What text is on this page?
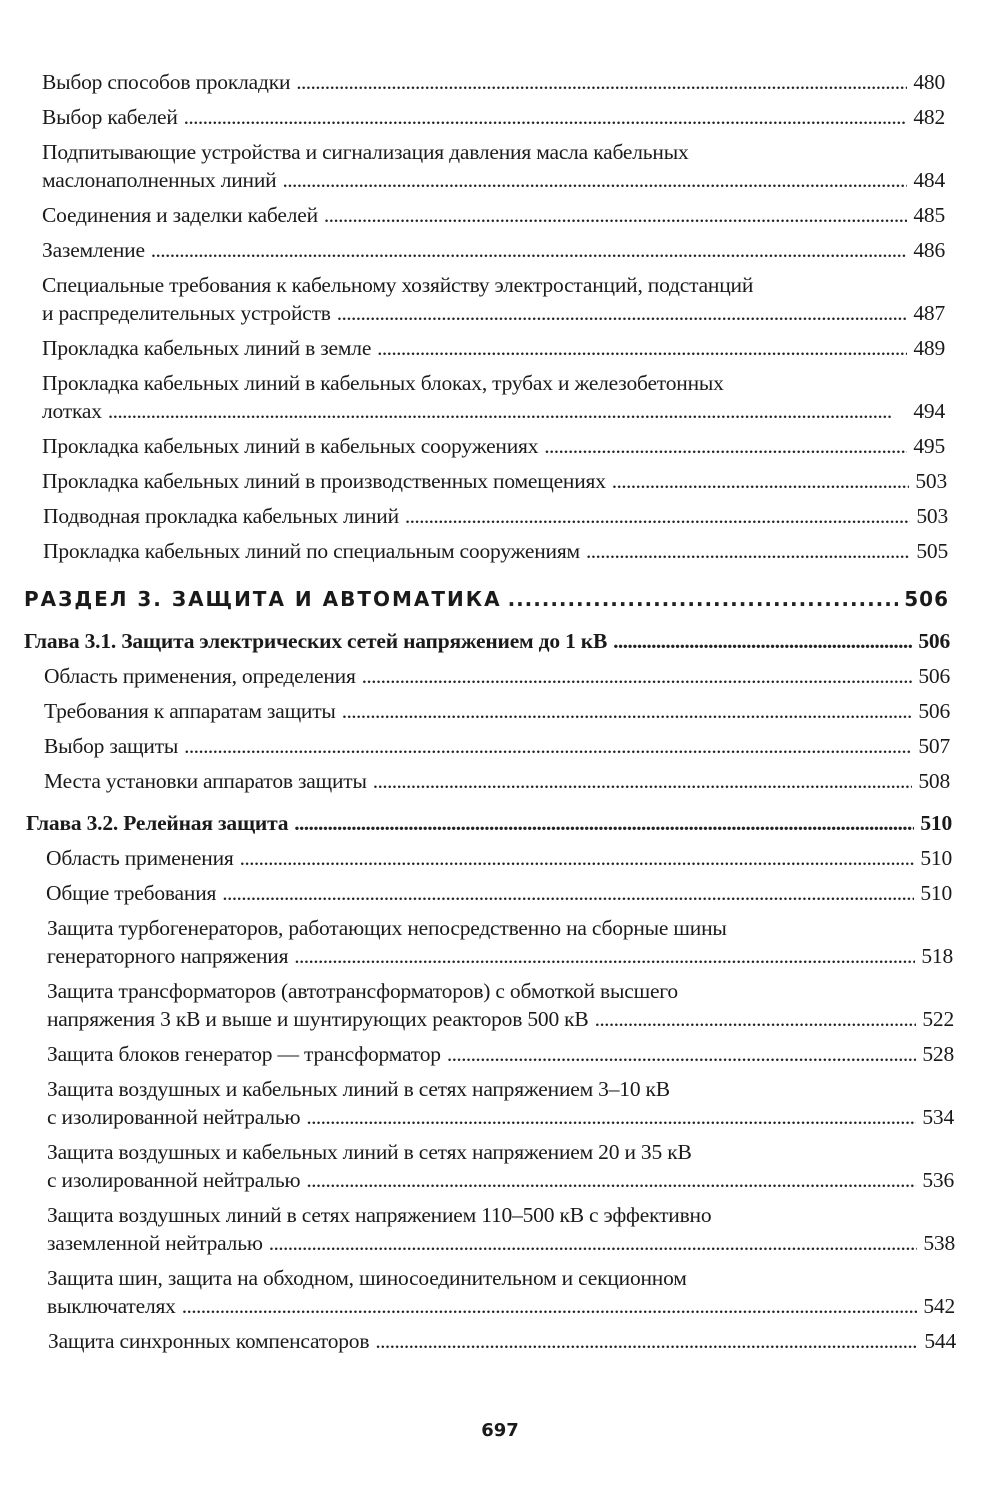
Выбор способов прокладки . . .	480
Выбор кабелей . . .	482
Подпитывающие устройства и сигнализация давления масла кабельных
маслонаполненных линий . . .	484
Соединения и заделки кабелей . . .	485
Заземление . . .	486
Специальные требования к кабельному хозяйству электростанций, подстанций
и распределительных устройств . . .	487
Прокладка кабельных линий в земле . . .	489
Прокладка кабельных линий в кабельных блоках, трубах и железобетонных
лотках . . .	494
Прокладка кабельных линий в кабельных сооружениях . . .	495
Прокладка кабельных линий в производственных помещениях . . .	503
Подводная прокладка кабельных линий . . .	503
Прокладка кабельных линий по специальным сооружениям . . .	505
РАЗДЕЛ 3. ЗАЩИТА И АВТОМАТИКА . . .	506
Глава 3.1. Защита электрических сетей напряжением до 1 кВ . . .	506
Область применения, определения . . .	506
Требования к аппаратам защиты . . .	506
Выбор защиты . . .	507
Места установки аппаратов защиты . . .	508
Глава 3.2. Релейная защита . . .	510
Область применения . . .	510
Общие требования . . .	510
Защита турбогенераторов, работающих непосредственно на сборные шины
генераторного напряжения . . .	518
Защита трансформаторов (автотрансформаторов) с обмоткой высшего
напряжения 3 кВ и выше и шунтирующих реакторов 500 кВ . . .	522
Защита блоков генератор — трансформатор . . .	528
Защита воздушных и кабельных линий в сетях напряжением 3–10 кВ
с изолированной нейтралью . . .	534
Защита воздушных и кабельных линий в сетях напряжением 20 и 35 кВ
с изолированной нейтралью . . .	536
Защита воздушных линий в сетях напряжением 110–500 кВ с эффективно
заземленной нейтралью . . .	538
Защита шин, защита на обходном, шиносоединительном и секционном
выключателях . . .	542
Защита синхронных компенсаторов . . .	544
697
